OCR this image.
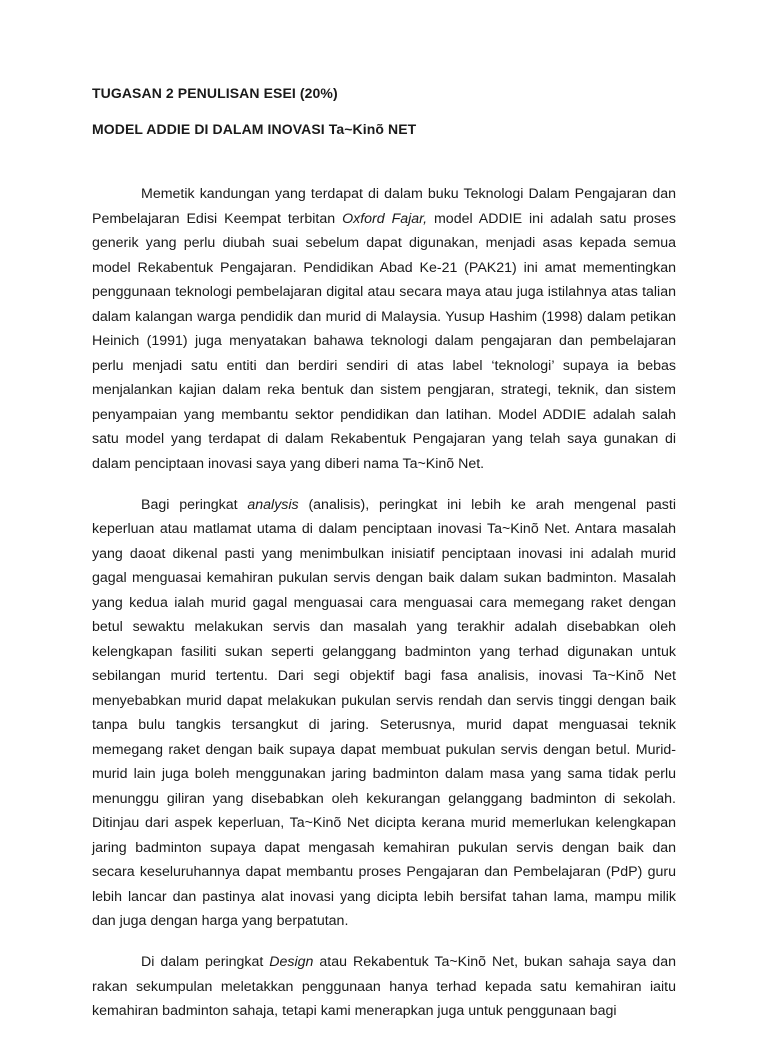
TUGASAN 2 PENULISAN ESEI (20%)

MODEL ADDIE DI DALAM INOVASI Ta~Kinõ NET

Memetik kandungan yang terdapat di dalam buku Teknologi Dalam Pengajaran dan Pembelajaran Edisi Keempat terbitan Oxford Fajar, model ADDIE ini adalah satu proses generik yang perlu diubah suai sebelum dapat digunakan, menjadi asas kepada semua model Rekabentuk Pengajaran. Pendidikan Abad Ke-21 (PAK21) ini amat mementingkan penggunaan teknologi pembelajaran digital atau secara maya atau juga istilahnya atas talian dalam kalangan warga pendidik dan murid di Malaysia. Yusup Hashim (1998) dalam petikan Heinich (1991) juga menyatakan bahawa teknologi dalam pengajaran dan pembelajaran perlu menjadi satu entiti dan berdiri sendiri di atas label ‘teknologi’ supaya ia bebas menjalankan kajian dalam reka bentuk dan sistem pengjaran, strategi, teknik, dan sistem penyampaian yang membantu sektor pendidikan dan latihan. Model ADDIE adalah salah satu model yang terdapat di dalam Rekabentuk Pengajaran yang telah saya gunakan di dalam penciptaan inovasi saya yang diberi nama Ta~Kinõ Net.

Bagi peringkat analysis (analisis), peringkat ini lebih ke arah mengenal pasti keperluan atau matlamat utama di dalam penciptaan inovasi Ta~Kinõ Net. Antara masalah yang daoat dikenal pasti yang menimbulkan inisiatif penciptaan inovasi ini adalah murid gagal menguasai kemahiran pukulan servis dengan baik dalam sukan badminton. Masalah yang kedua ialah murid gagal menguasai cara menguasai cara memegang raket dengan betul sewaktu melakukan servis dan masalah yang terakhir adalah disebabkan oleh kelengkapan fasiliti sukan seperti gelanggang badminton yang terhad digunakan untuk sebilangan murid tertentu. Dari segi objektif bagi fasa analisis, inovasi Ta~Kinõ Net menyebabkan murid dapat melakukan pukulan servis rendah dan servis tinggi dengan baik tanpa bulu tangkis tersangkut di jaring. Seterusnya, murid dapat menguasai teknik memegang raket dengan baik supaya dapat membuat pukulan servis dengan betul. Murid-murid lain juga boleh menggunakan jaring badminton dalam masa yang sama tidak perlu menunggu giliran yang disebabkan oleh kekurangan gelanggang badminton di sekolah. Ditinjau dari aspek keperluan, Ta~Kinõ Net dicipta kerana murid memerlukan kelengkapan jaring badminton supaya dapat mengasah kemahiran pukulan servis dengan baik dan secara keseluruhannya dapat membantu proses Pengajaran dan Pembelajaran (PdP) guru lebih lancar dan pastinya alat inovasi yang dicipta lebih bersifat tahan lama, mampu milik dan juga dengan harga yang berpatutan.

Di dalam peringkat Design atau Rekabentuk Ta~Kinõ Net, bukan sahaja saya dan rakan sekumpulan meletakkan penggunaan hanya terhad kepada satu kemahiran iaitu kemahiran badminton sahaja, tetapi kami menerapkan juga untuk penggunaan bagi
